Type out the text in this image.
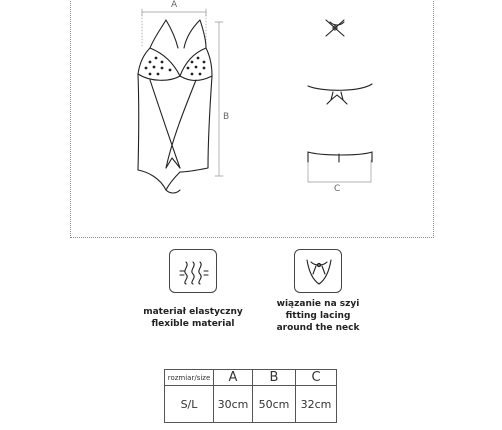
A
B
C
materiał elastyczny
flexible material
wiązanie na szyi
fitting lacing
around the neck
rozmiar/size	A	B	C
S/L	30cm	50cm	32cm
